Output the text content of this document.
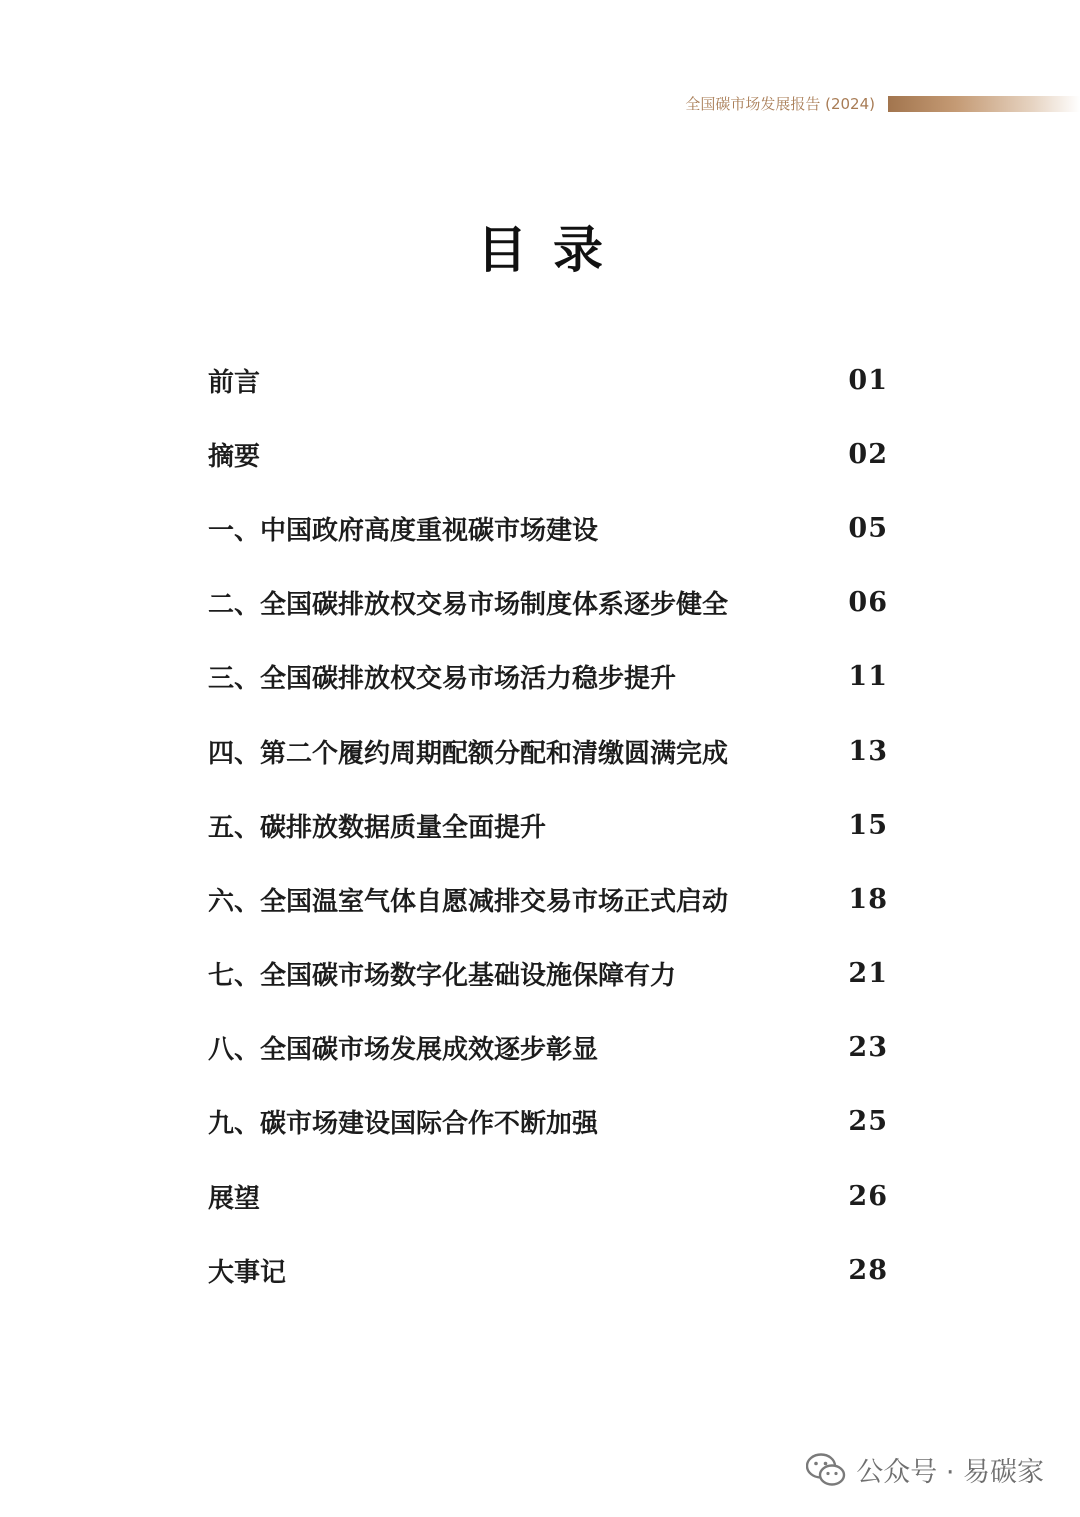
全国碳市场发展报告 (2024)
目录
前言	01
摘要	02
一、中国政府高度重视碳市场建设	05
二、全国碳排放权交易市场制度体系逐步健全	06
三、全国碳排放权交易市场活力稳步提升	11
四、第二个履约周期配额分配和清缴圆满完成	13
五、碳排放数据质量全面提升	15
六、全国温室气体自愿减排交易市场正式启动	18
七、全国碳市场数字化基础设施保障有力	21
八、全国碳市场发展成效逐步彰显	23
九、碳市场建设国际合作不断加强	25
展望	26
大事记	28
公众号 · 易碳家
